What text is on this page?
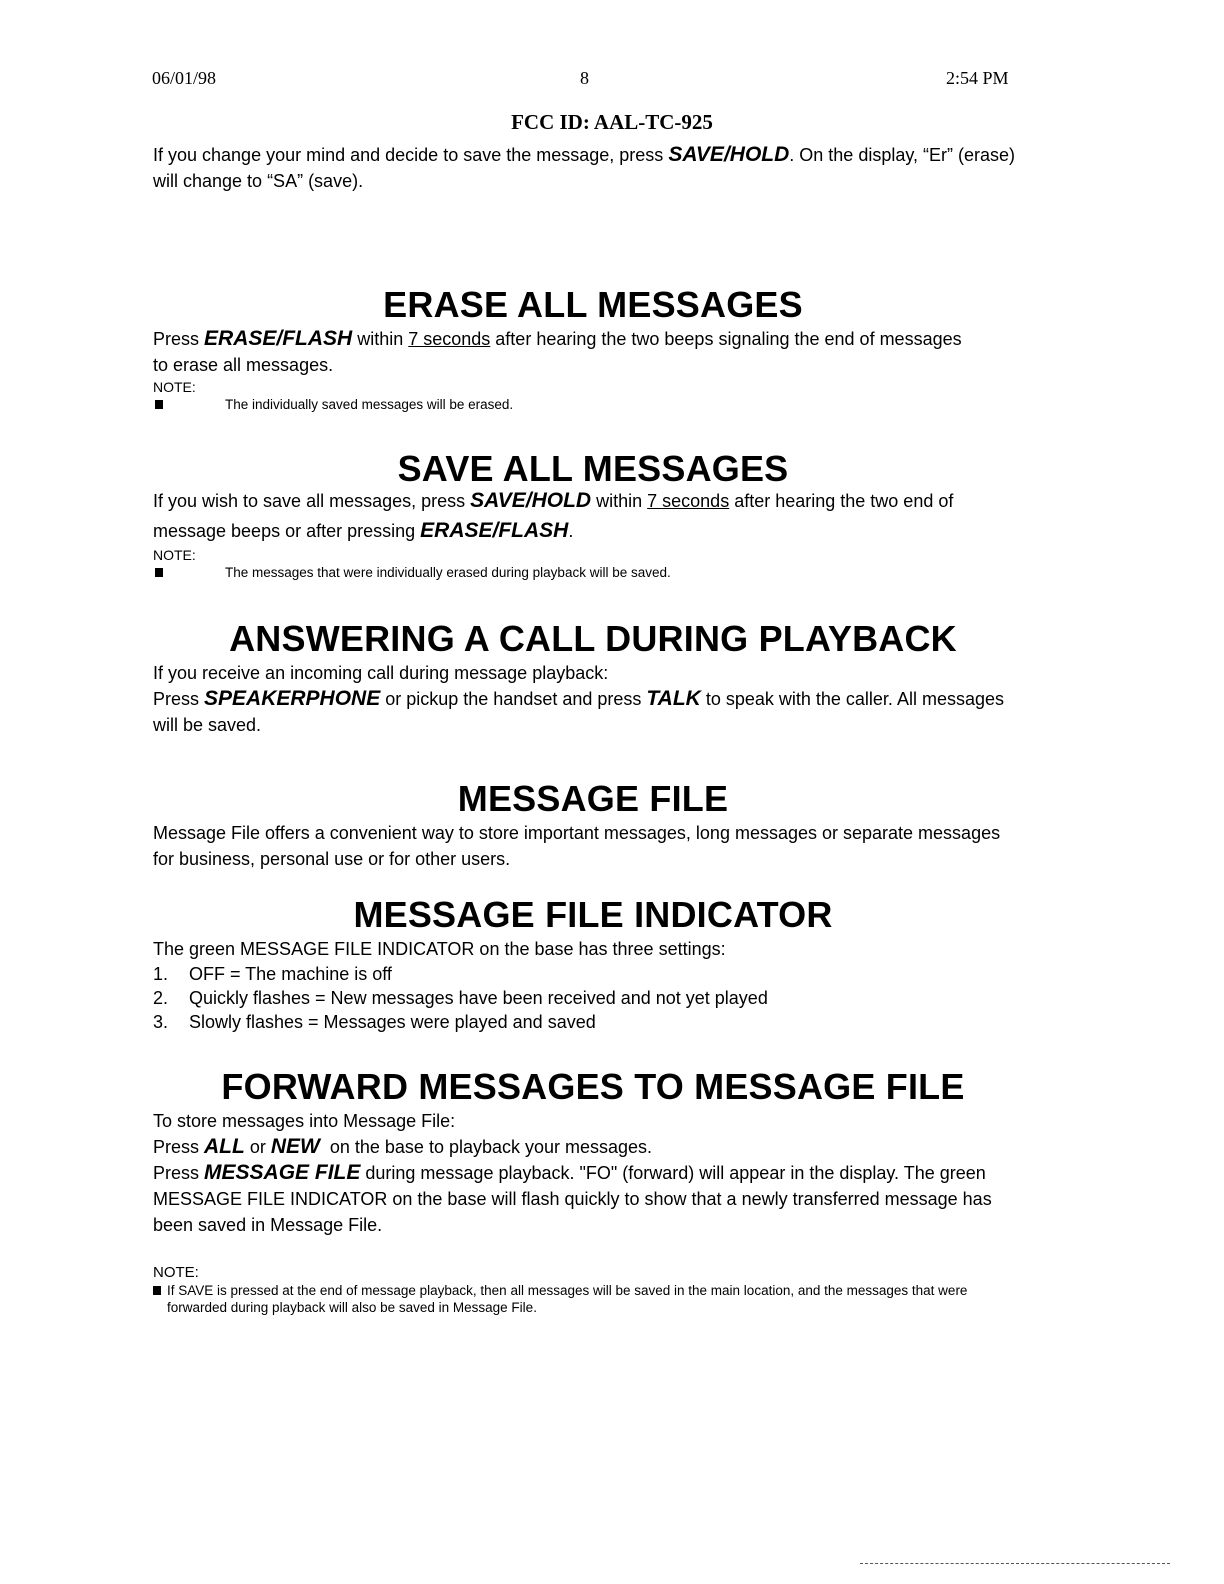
06/01/98	8	2:54 PM
FCC ID: AAL-TC-925

If you change your mind and decide to save the message, press SAVE/HOLD. On the display, “Er” (erase) will change to “SA” (save).

ERASE ALL MESSAGES

Press ERASE/FLASH within 7 seconds after hearing the two beeps signaling the end of messages to erase all messages.

NOTE:

The individually saved messages will be erased.

SAVE ALL MESSAGES

If you wish to save all messages, press SAVE/HOLD within 7 seconds after hearing the two end of message beeps or after pressing ERASE/FLASH.

NOTE:

The messages that were individually erased during playback will be saved.

ANSWERING A CALL DURING PLAYBACK

If you receive an incoming call during message playback:

Press SPEAKERPHONE or pickup the handset and press TALK to speak with the caller. All messages will be saved.

MESSAGE FILE

Message File offers a convenient way to store important messages, long messages or separate messages for business, personal use or for other users.

MESSAGE FILE INDICATOR

The green MESSAGE FILE INDICATOR on the base has three settings:

1. OFF = The machine is off
2. Quickly flashes = New messages have been received and not yet played
3. Slowly flashes = Messages were played and saved
FORWARD MESSAGES TO MESSAGE FILE

To store messages into Message File:

Press ALL or NEW  on the base to playback your messages.

Press MESSAGE FILE during message playback. "FO" (forward) will appear in the display. The green MESSAGE FILE INDICATOR on the base will flash quickly to show that a newly transferred message has been saved in Message File.

NOTE:

If SAVE is pressed at the end of message playback, then all messages will be saved in the main location, and the messages that were forwarded during playback will also be saved in Message File.
